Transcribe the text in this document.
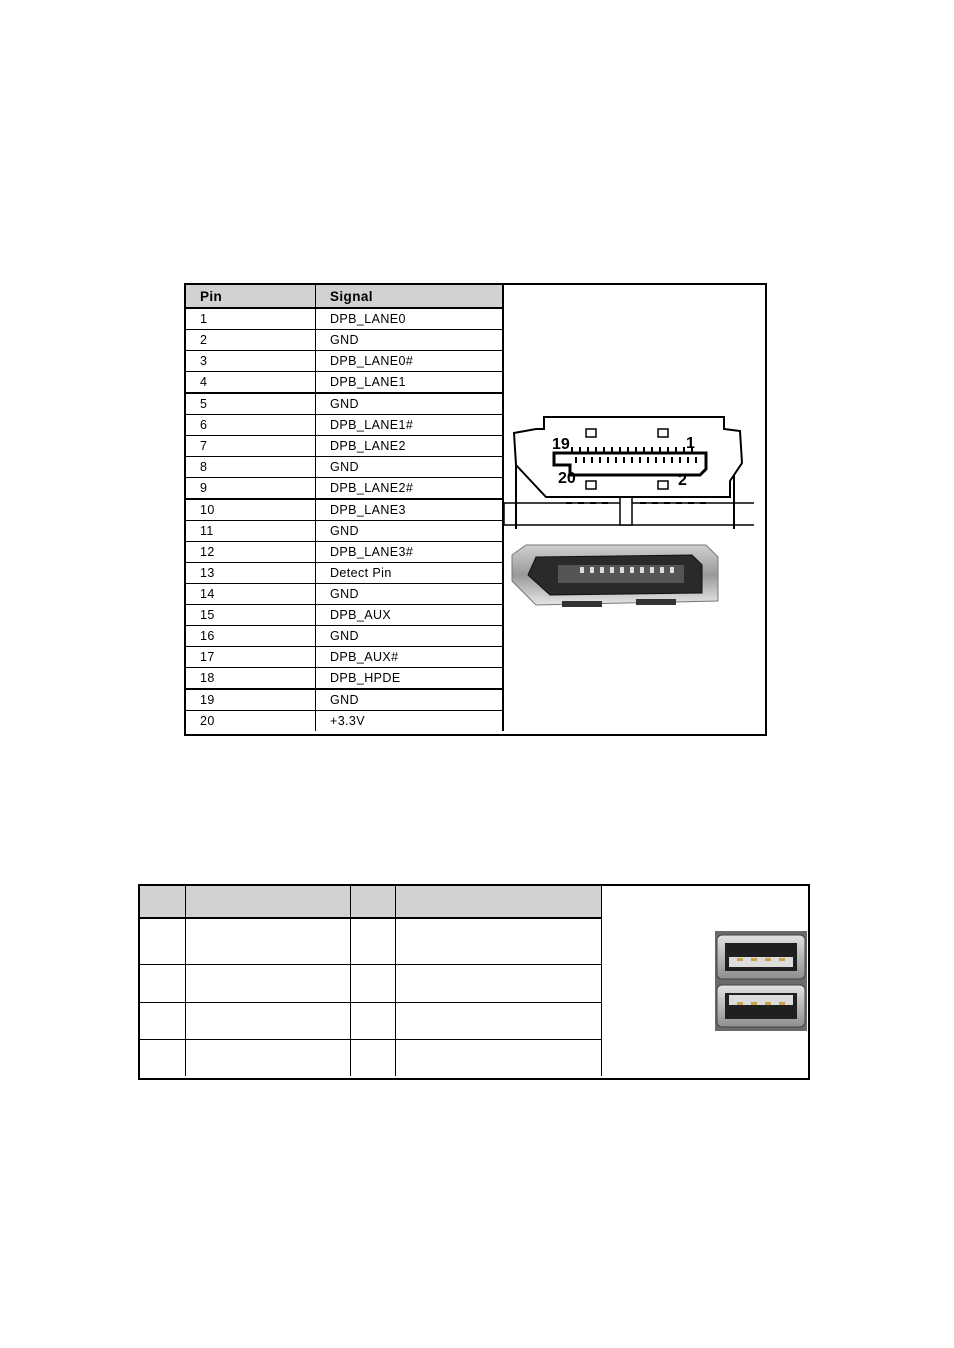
Pin	Signal
1	DPB_LANE0
2	GND
3	DPB_LANE0#
4	DPB_LANE1
5	GND
6	DPB_LANE1#
7	DPB_LANE2
8	GND
9	DPB_LANE2#
10	DPB_LANE3
11	GND
12	DPB_LANE3#
13	Detect Pin
14	GND
15	DPB_AUX
16	GND
17	DPB_AUX#
18	DPB_HPDE
19	GND
20	+3.3V
19	1
20	2
